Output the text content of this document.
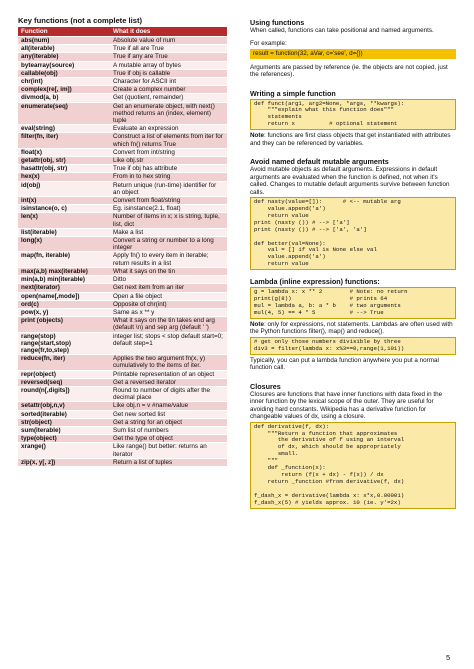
Key functions (not a complete list)
Function	What it does
abs(num)	Absolute value of num
all(iterable)	True if all are True
any(iterable)	True if any are True
bytearray(source)	A mutable array of bytes
callable(obj)	True if obj is callable
chr(int)	Character for ASCII int
complex(re[, im])	Create a complex number
divmod(a, b)	Get (quotient, remainder)
enumerate(seq)	Get an enumerate object, with next() method returns an (index, element) tuple
eval(string)	Evaluate an expression
filter(fn, iter)	Construct a list of elements from iter for which fn() returns True
float(x)	Convert from int/string
getattr(obj, str)	Like obj.str
hasattr(obj, str)	True if obj has attribute
hex(x)	From in to hex string
id(obj)	Return unique (run-time) identifier for an object
int(x)	Convert from float/string
isinstance(o, c)	Eg. isinstance(2.1, float)
len(x)	Number of items in x; x is string, tuple, list, dict
list(iterable)	Make a list
long(x)	Convert a string or number to a long integer
map(fn, iterable)	Apply fn() to every item in iterable; return results in a list
max(a,b) max(iterable)	What it says on the tin
min(a,b) min(iterable)	Ditto
next(iterator)	Get next item from an iter
open(name[,mode])	Open a file object
ord(c)	Opposite of chr(int)
pow(x, y)	Same as x ** y
print (objects)	What it says on the tin takes end arg (default \n) and sep arg (default ' ')
range(stop) range(start,stop) range(fr,to,step)	integer list; stops < stop default start=0; default step=1
reduce(fn, iter)	Applies the two argument fn(x, y) cumulatively to the items of iter.
repr(object)	Printable representation of an object
reversed(seq)	Get a reversed iterator
round(n[,digits])	Round to number of digits after the decimal place
setattr(obj,n,v)	Like obj.n = v #name/value
sorted(iterable)	Get new sorted list
str(object)	Get a string for an object
sum(iterable)	Sum list of numbers
type(object)	Get the type of object
xrange()	Like range() but better: returns an iterator
zip(x, y[, z])	Return a list of tuples
Using functions
When called, functions can take positional and named arguments.
For example:
result = function(32, aVar, c='see', d={})
Arguments are passed by reference (ie. the objects are not copied, just the references).
Writing a simple function
def funct(arg1, arg2=None, *args, **kwargs):
"""explain what this function does"""
statements
return x          # optional statement
Note: functions are first class objects that get instantiated with attributes and they can be referenced by variables.
Avoid named default mutable arguments
Avoid mutable objects as default arguments. Expressions in default arguments are evaluated when the function is defined, not when it's called. Changes to mutable default arguments survive between function calls.
def nasty(value=[]):      # <-- mutable arg
value.append('a')
return value
print (nasty ()) # --> ['a']
print (nasty ()) # --> ['a', 'a']

def better(val=None):
val = [] if val is None else val
value.append('a')
return value
Lambda (inline expression) functions:
g = lambda x: x ** 2        # Note: no return
print(g(8))                 # prints 64
mul = lambda a, b: a * b    # two arguments
mul(4, 5) == 4 * 5          # --> True
Note: only for expressions, not statements. Lambdas are often used with the Python functions filter(), map() and reduce().
# get only those numbers divisible by three
div3 = filter(lambda x: x%3==0,range(1,101))
Typically, you can put a lambda function anywhere you put a normal function call.
Closures
Closures are functions that have inner functions with data fixed in the inner function by the lexical scope of the outer. They are useful for avoiding hard constants. Wikipedia has a derivative function for changeable values of dx, using a closure.
def derivative(f, dx):
"""Return a function that approximates
the derivative of f using an interval
of dx, which should be appropriately
small.
"""
def _function(x):
return (f(x + dx) - f(x)) / dx
return _function #from derivative(f, dx)

f_dash_x = derivative(lambda x: x*x,0.00001)
f_dash_x(5) # yields approx. 10 (ie. y'=2x)
5
